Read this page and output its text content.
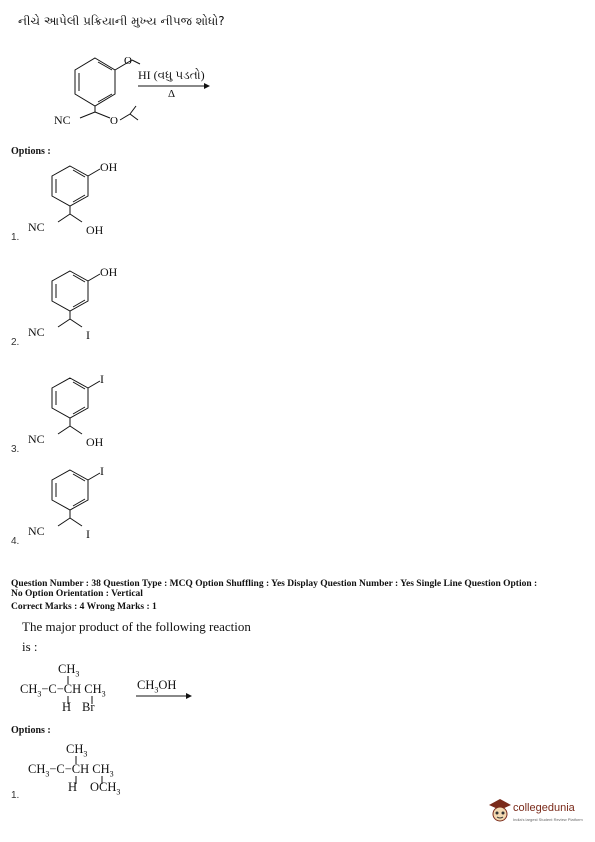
નીચે આપેલી પ્રક્રિયાની મુખ્ય નીપજ શોધો?
O
O
NC
HI (વધુ પડતો)
Δ
Options :
OH
NC	OH
1.
OH
NC	I
2.
I
NC	OH
3.
I
NC	I
4.
Question Number : 38 Question Type : MCQ Option Shuffling : Yes Display Question Number : Yes Single Line Question Option :
No Option Orientation : Vertical
Correct Marks : 4 Wrong Marks : 1
The major product of the following reaction
is :
$CH_3$
$CH_3-C-CH$ $CH_3$
H Br
$CH_3OH$
Options :
$CH_3$
$CH_3-C-CH$ $CH_3$
H $OCH_3$
1.
collegedunia
India's largest Student Review Platform
